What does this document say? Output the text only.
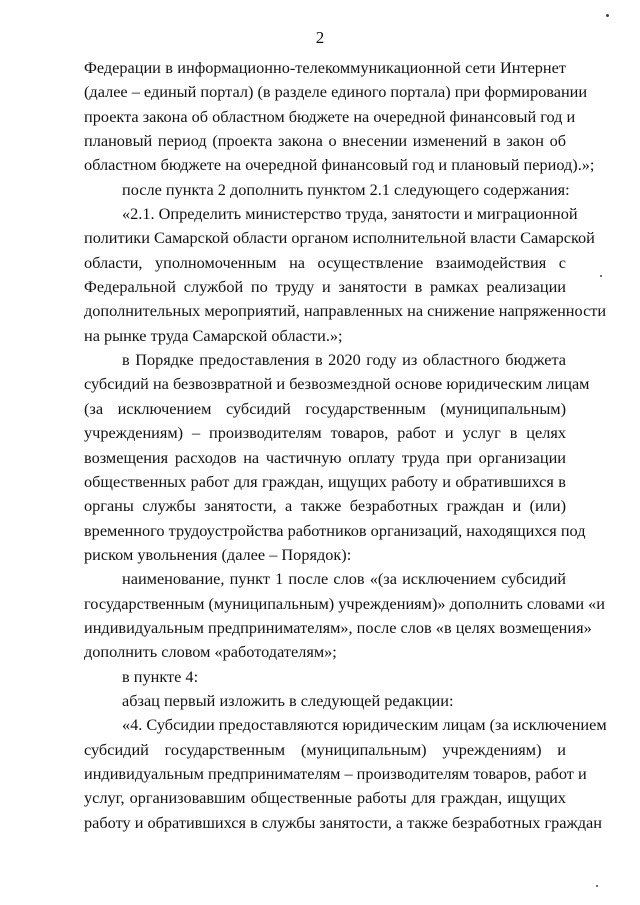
2
Федерации в информационно-телекоммуникационной сети Интернет
(далее – единый портал) (в разделе единого портала) при формировании
проекта закона об областном бюджете на очередной финансовый год и
плановый период (проекта закона о внесении изменений в закон об
областном бюджете на очередной финансовый год и плановый период).»;
после пункта 2 дополнить пунктом 2.1 следующего содержания:
«2.1. Определить министерство труда, занятости и миграционной
политики Самарской области органом исполнительной власти Самарской
области, уполномоченным на осуществление взаимодействия с
Федеральной службой по труду и занятости в рамках реализации
дополнительных мероприятий, направленных на снижение напряженности
на рынке труда Самарской области.»;
в Порядке предоставления в 2020 году из областного бюджета
субсидий на безвозвратной и безвозмездной основе юридическим лицам
(за исключением субсидий государственным (муниципальным)
учреждениям) – производителям товаров, работ и услуг в целях
возмещения расходов на частичную оплату труда при организации
общественных работ для граждан, ищущих работу и обратившихся в
органы службы занятости, а также безработных граждан и (или)
временного трудоустройства работников организаций, находящихся под
риском увольнения (далее – Порядок):
наименование, пункт 1 после слов «(за исключением субсидий
государственным (муниципальным) учреждениям)» дополнить словами «и
индивидуальным предпринимателям», после слов «в целях возмещения»
дополнить словом «работодателям»;
в пункте 4:
абзац первый изложить в следующей редакции:
«4. Субсидии предоставляются юридическим лицам (за исключением
субсидий государственным (муниципальным) учреждениям) и
индивидуальным предпринимателям – производителям товаров, работ и
услуг, организовавшим общественные работы для граждан, ищущих
работу и обратившихся в службы занятости, а также безработных граждан
